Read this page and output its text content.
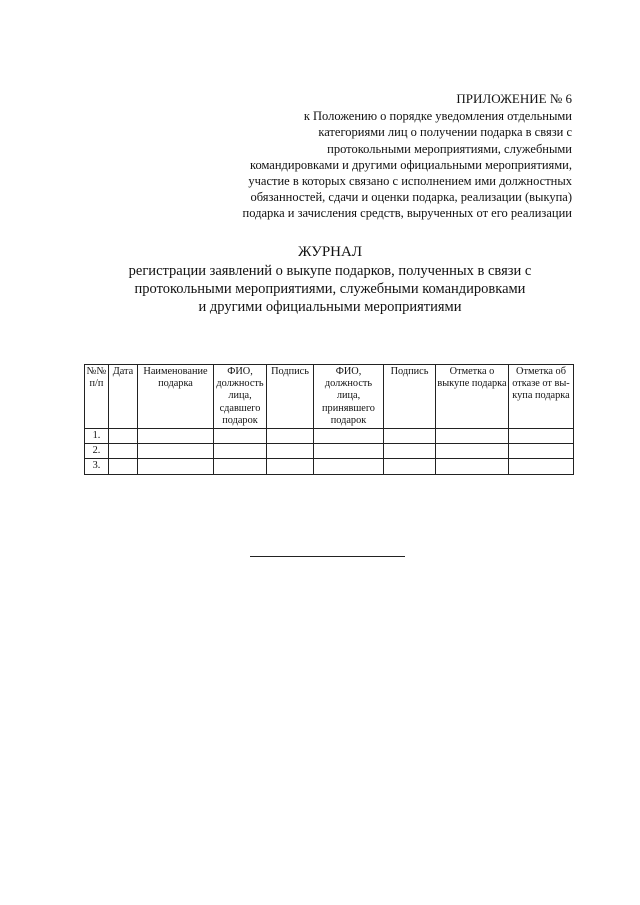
ПРИЛОЖЕНИЕ № 6
к Положению о порядке уведомления отдельными
категориями лиц о получении подарка в связи с
протокольными мероприятиями, служебными
командировками и другими официальными мероприятиями,
участие в которых связано с исполнением ими должностных
обязанностей, сдачи и оценки подарка, реализации (выкупа)
подарка и зачисления средств, вырученных от его реализации
ЖУРНАЛ
регистрации заявлений о выкупе подарков, полученных в связи с
протокольными мероприятиями, служебными командировками
и другими официальными мероприятиями
№№ п/п	Дата	Наименование подарка	ФИО, должность лица, сдавшего подарок	Подпись	ФИО, должность лица, принявшего подарок	Подпись	Отметка о выкупе подарка	Отметка об отказе от вы-купа подарка
1.								
2.								
3.								
